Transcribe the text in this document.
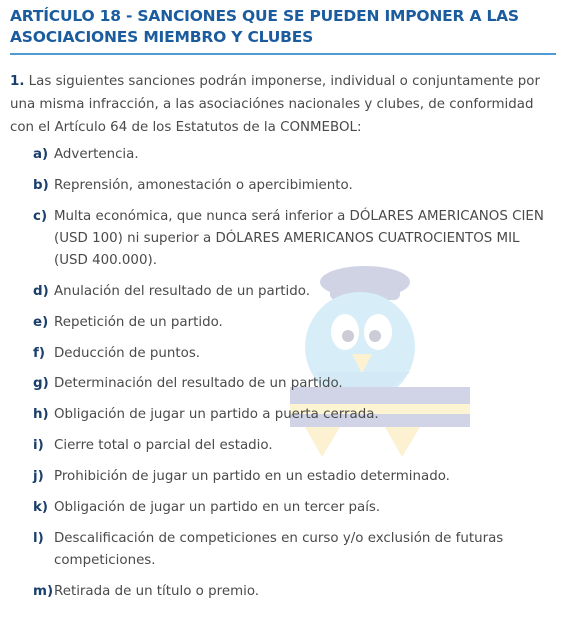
ARTÍCULO 18 - SANCIONES QUE SE PUEDEN IMPONER A LAS ASOCIACIONES MIEMBRO Y CLUBES

1. Las siguientes sanciones podrán imponerse, individual o conjuntamente por una misma infracción, a las asociaciónes nacionales y clubes, de conformidad con el Artículo 64 de los Estatutos de la CONMEBOL:

a) Advertencia.
b) Reprensión, amonestación o apercibimiento.
c) Multa económica, que nunca será inferior a DÓLARES AMERICANOS CIEN (USD 100) ni superior a DÓLARES AMERICANOS CUATROCIENTOS MIL (USD 400.000).
d) Anulación del resultado de un partido.
e) Repetición de un partido.
f) Deducción de puntos.
g) Determinación del resultado de un partido.
h) Obligación de jugar un partido a puerta cerrada.
i) Cierre total o parcial del estadio.
j) Prohibición de jugar un partido en un estadio determinado.
k) Obligación de jugar un partido en un tercer país.
l) Descalificación de competiciones en curso y/o exclusión de futuras competiciones.
m) Retirada de un título o premio.
